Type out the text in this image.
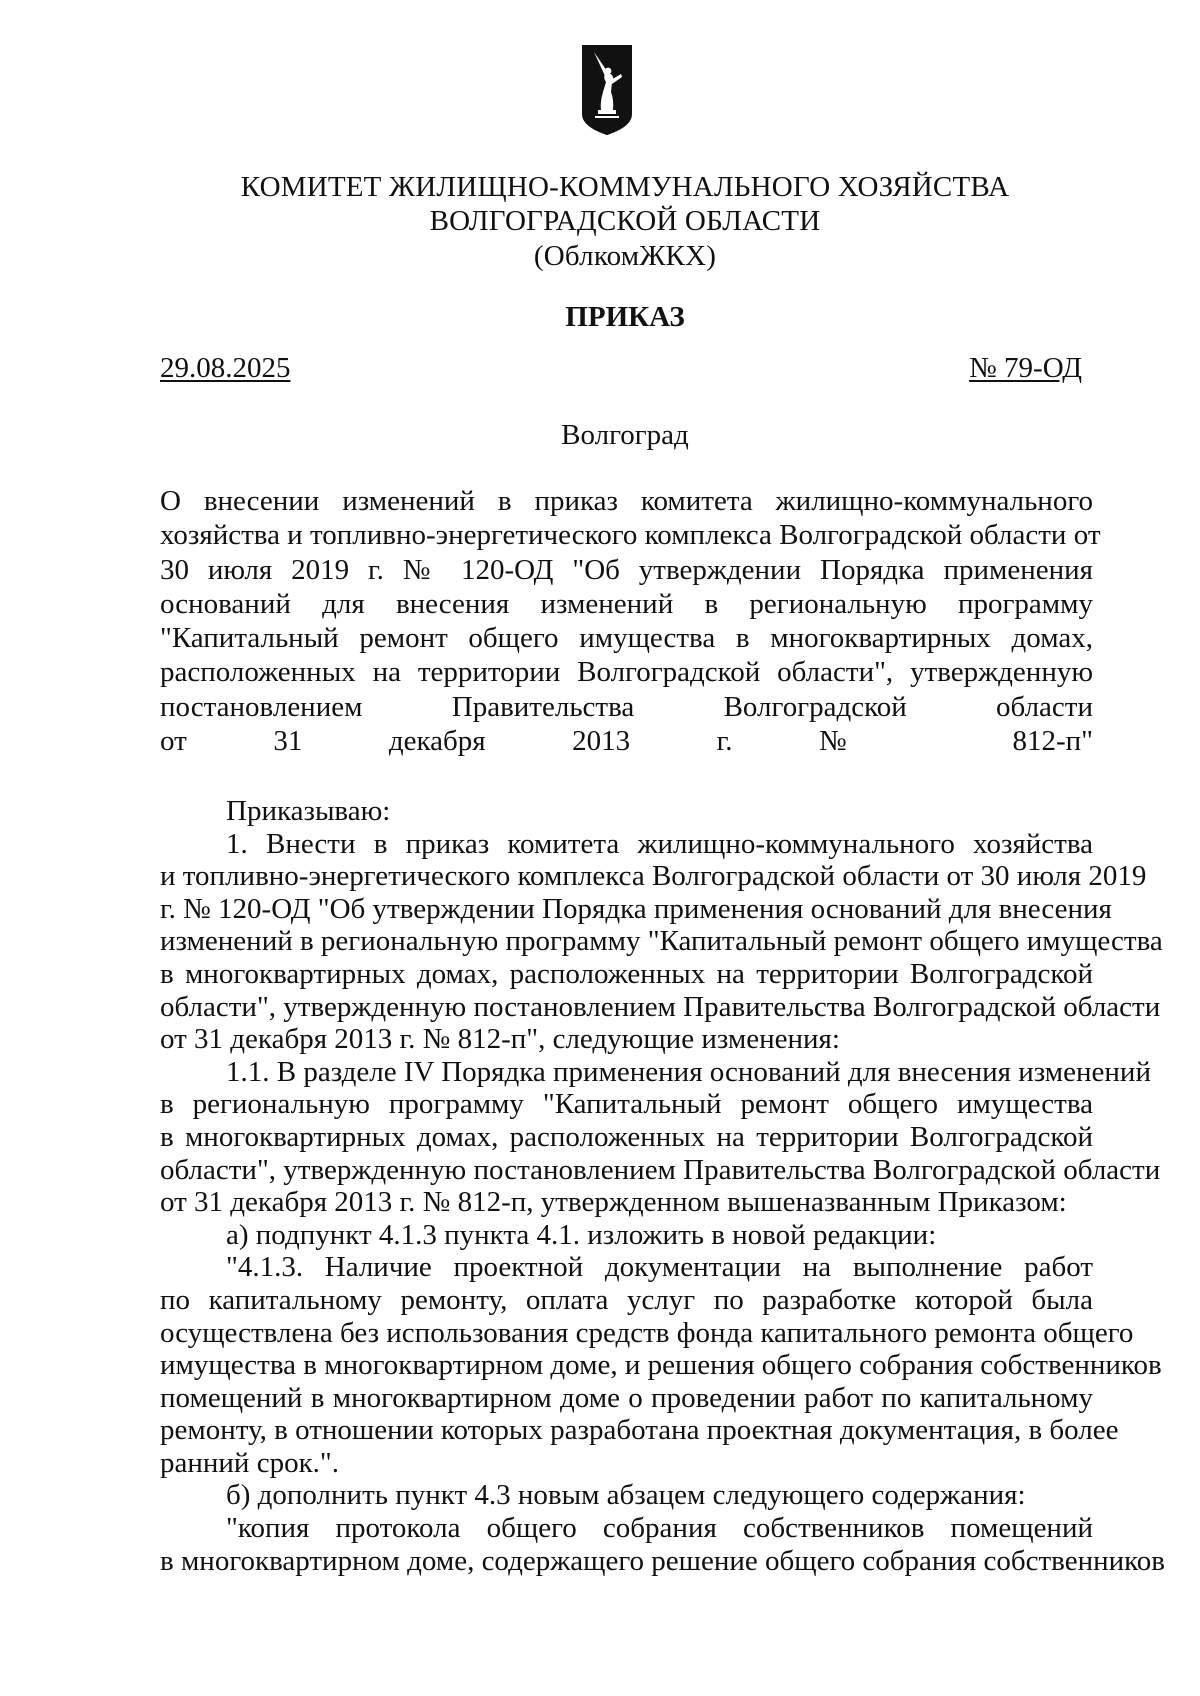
КОМИТЕТ ЖИЛИЩНО-КОММУНАЛЬНОГО ХОЗЯЙСТВА
ВОЛГОГРАДСКОЙ ОБЛАСТИ
(ОблкомЖКХ)
ПРИКАЗ
29.08.2025	№ 79-ОД
Волгоград
О внесении изменений в приказ комитета жилищно-коммунального
хозяйства и топливно-энергетического комплекса Волгоградской области от
30 июля 2019 г. № 120-ОД "Об утверждении Порядка применения
оснований для внесения изменений в региональную программу
"Капитальный ремонт общего имущества в многоквартирных домах,
расположенных на территории Волгоградской области", утвержденную
постановлением Правительства Волгоградской области
от 31 декабря 2013 г. № 812-п"
Приказываю:
1. Внести в приказ комитета жилищно-коммунального хозяйства
и топливно-энергетического комплекса Волгоградской области от 30 июля 2019
г. № 120-ОД "Об утверждении Порядка применения оснований для внесения
изменений в региональную программу "Капитальный ремонт общего имущества
в многоквартирных домах, расположенных на территории Волгоградской
области", утвержденную постановлением Правительства Волгоградской области
от 31 декабря 2013 г. № 812-п", следующие изменения:
1.1. В разделе IV Порядка применения оснований для внесения изменений
в региональную программу "Капитальный ремонт общего имущества
в многоквартирных домах, расположенных на территории Волгоградской
области", утвержденную постановлением Правительства Волгоградской области
от 31 декабря 2013 г. № 812-п, утвержденном вышеназванным Приказом:
а) подпункт 4.1.3 пункта 4.1. изложить в новой редакции:
"4.1.3. Наличие проектной документации на выполнение работ
по капитальному ремонту, оплата услуг по разработке которой была
осуществлена без использования средств фонда капитального ремонта общего
имущества в многоквартирном доме, и решения общего собрания собственников
помещений в многоквартирном доме о проведении работ по капитальному
ремонту, в отношении которых разработана проектная документация, в более
ранний срок.".
б) дополнить пункт 4.3 новым абзацем следующего содержания:
"копия протокола общего собрания собственников помещений
в многоквартирном доме, содержащего решение общего собрания собственников
